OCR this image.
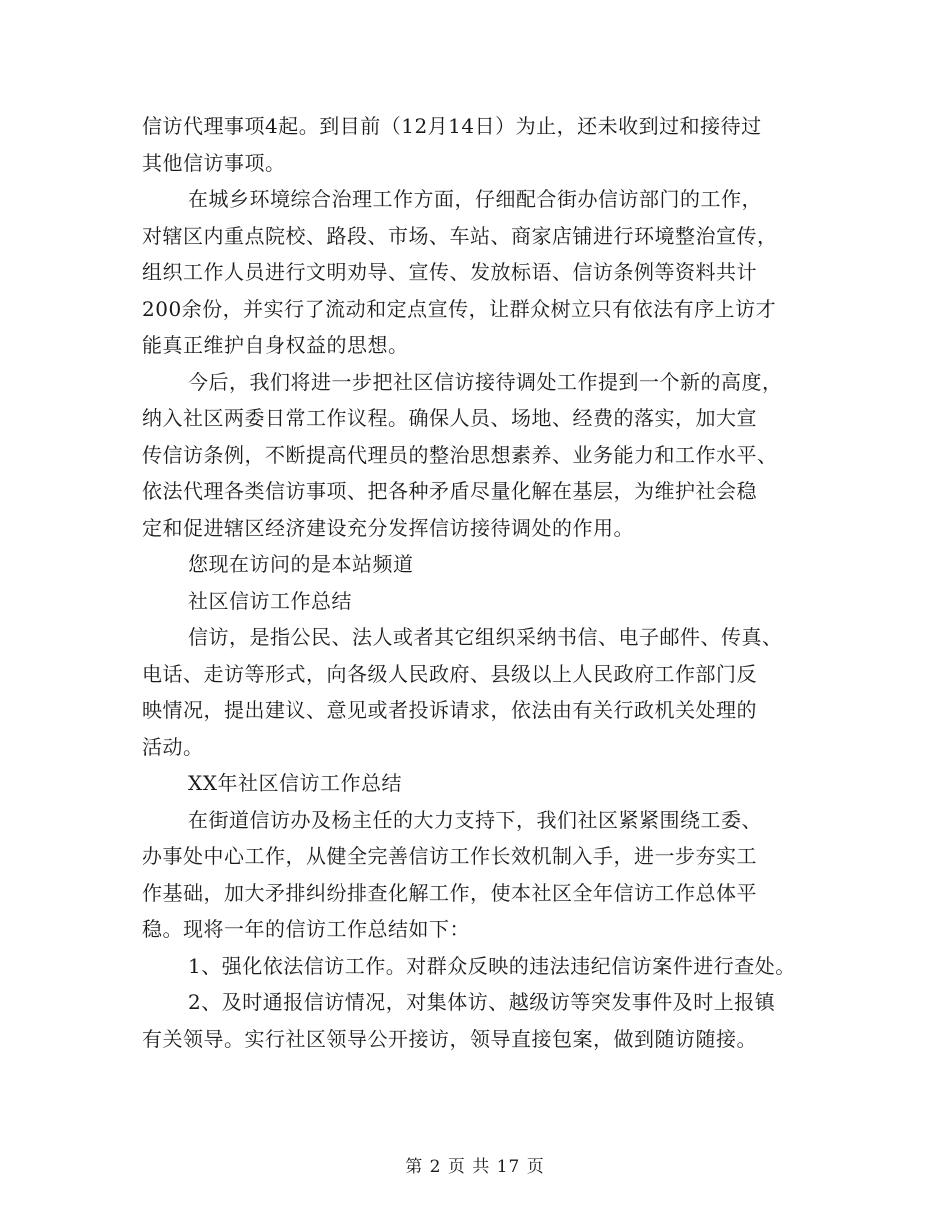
信访代理事项4起。到目前（12月14日）为止，还未收到过和接待过
其他信访事项。
在城乡环境综合治理工作方面，仔细配合街办信访部门的工作，
对辖区内重点院校、路段、市场、车站、商家店铺进行环境整治宣传，
组织工作人员进行文明劝导、宣传、发放标语、信访条例等资料共计
200余份，并实行了流动和定点宣传，让群众树立只有依法有序上访才
能真正维护自身权益的思想。
今后，我们将进一步把社区信访接待调处工作提到一个新的高度，
纳入社区两委日常工作议程。确保人员、场地、经费的落实，加大宣
传信访条例，不断提高代理员的整治思想素养、业务能力和工作水平、
依法代理各类信访事项、把各种矛盾尽量化解在基层，为维护社会稳
定和促进辖区经济建设充分发挥信访接待调处的作用。
您现在访问的是本站频道
社区信访工作总结
信访，是指公民、法人或者其它组织采纳书信、电子邮件、传真、
电话、走访等形式，向各级人民政府、县级以上人民政府工作部门反
映情况，提出建议、意见或者投诉请求，依法由有关行政机关处理的
活动。
XX年社区信访工作总结
在街道信访办及杨主任的大力支持下，我们社区紧紧围绕工委、
办事处中心工作，从健全完善信访工作长效机制入手，进一步夯实工
作基础，加大矛排纠纷排查化解工作，使本社区全年信访工作总体平
稳。现将一年的信访工作总结如下：
1、强化依法信访工作。对群众反映的违法违纪信访案件进行查处。
2、及时通报信访情况，对集体访、越级访等突发事件及时上报镇
有关领导。实行社区领导公开接访，领导直接包案，做到随访随接。
第 2 页 共 17 页
